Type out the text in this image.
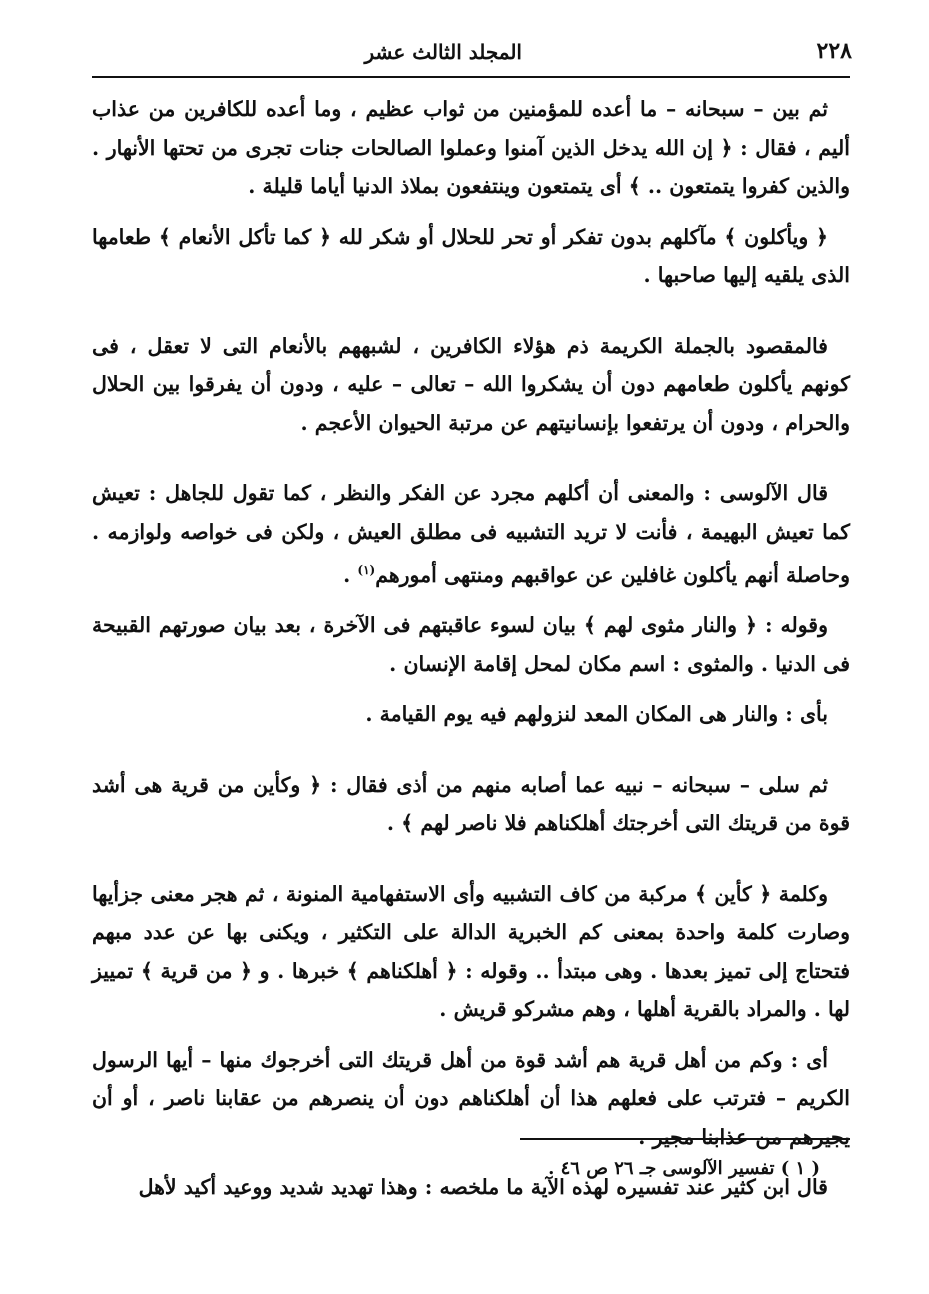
٢٢٨
المجلد الثالث عشر

ثم بين – سبحانه – ما أعده للمؤمنين من ثواب عظيم ، وما أعده للكافرين من عذاب أليم ، فقال : ﴿ إن الله يدخل الذين آمنوا وعملوا الصالحات جنات تجرى من تحتها الأنهار . والذين كفروا يتمتعون .. ﴾ أى يتمتعون وينتفعون بملاذ الدنيا أياما قليلة .

﴿ ويأكلون ﴾ مآكلهم بدون تفكر أو تحر للحلال أو شكر لله ﴿ كما تأكل الأنعام ﴾ طعامها الذى يلقيه إليها صاحبها .

فالمقصود بالجملة الكريمة ذم هؤلاء الكافرين ، لشبههم بالأنعام التى لا تعقل ، فى كونهم يأكلون طعامهم دون أن يشكروا الله – تعالى – عليه ، ودون أن يفرقوا بين الحلال والحرام ، ودون أن يرتفعوا بإنسانيتهم عن مرتبة الحيوان الأعجم .

قال الآلوسى : والمعنى أن أكلهم مجرد عن الفكر والنظر ، كما تقول للجاهل : تعيش كما تعيش البهيمة ، فأنت لا تريد التشبيه فى مطلق العيش ، ولكن فى خواصه ولوازمه . وحاصلة أنهم يأكلون غافلين عن عواقبهم ومنتهى أمورهم$^{(١)}$ .

وقوله : ﴿ والنار مثوى لهم ﴾ بيان لسوء عاقبتهم فى الآخرة ، بعد بيان صورتهم القبيحة فى الدنيا . والمثوى : اسم مكان لمحل إقامة الإنسان .

بأى : والنار هى المكان المعد لنزولهم فيه يوم القيامة .

ثم سلى – سبحانه – نبيه عما أصابه منهم من أذى فقال : ﴿ وكأين من قرية هى أشد قوة من قريتك التى أخرجتك أهلكناهم فلا ناصر لهم ﴾ .

وكلمة ﴿ كأين ﴾ مركبة من كاف التشبيه وأى الاستفهامية المنونة ، ثم هجر معنى جزأيها وصارت كلمة واحدة بمعنى كم الخبرية الدالة على التكثير ، ويكنى بها عن عدد مبهم فتحتاج إلى تميز بعدها . وهى مبتدأ .. وقوله : ﴿ أهلكناهم ﴾ خبرها . و ﴿ من قرية ﴾ تمييز لها . والمراد بالقرية أهلها ، وهم مشركو قريش .

أى : وكم من أهل قرية هم أشد قوة من أهل قريتك التى أخرجوك منها – أيها الرسول الكريم – فترتب على فعلهم هذا أن أهلكناهم دون أن ينصرهم من عقابنا ناصر ، أو أن يجيرهم من عذابنا مجير .

قال ابن كثير عند تفسيره لهذه الآية ما ملخصه : وهذا تهديد شديد ووعيد أكيد لأهل

( ١ ) تفسير الآلوسى جـ ٢٦ ص ٤٦ .
